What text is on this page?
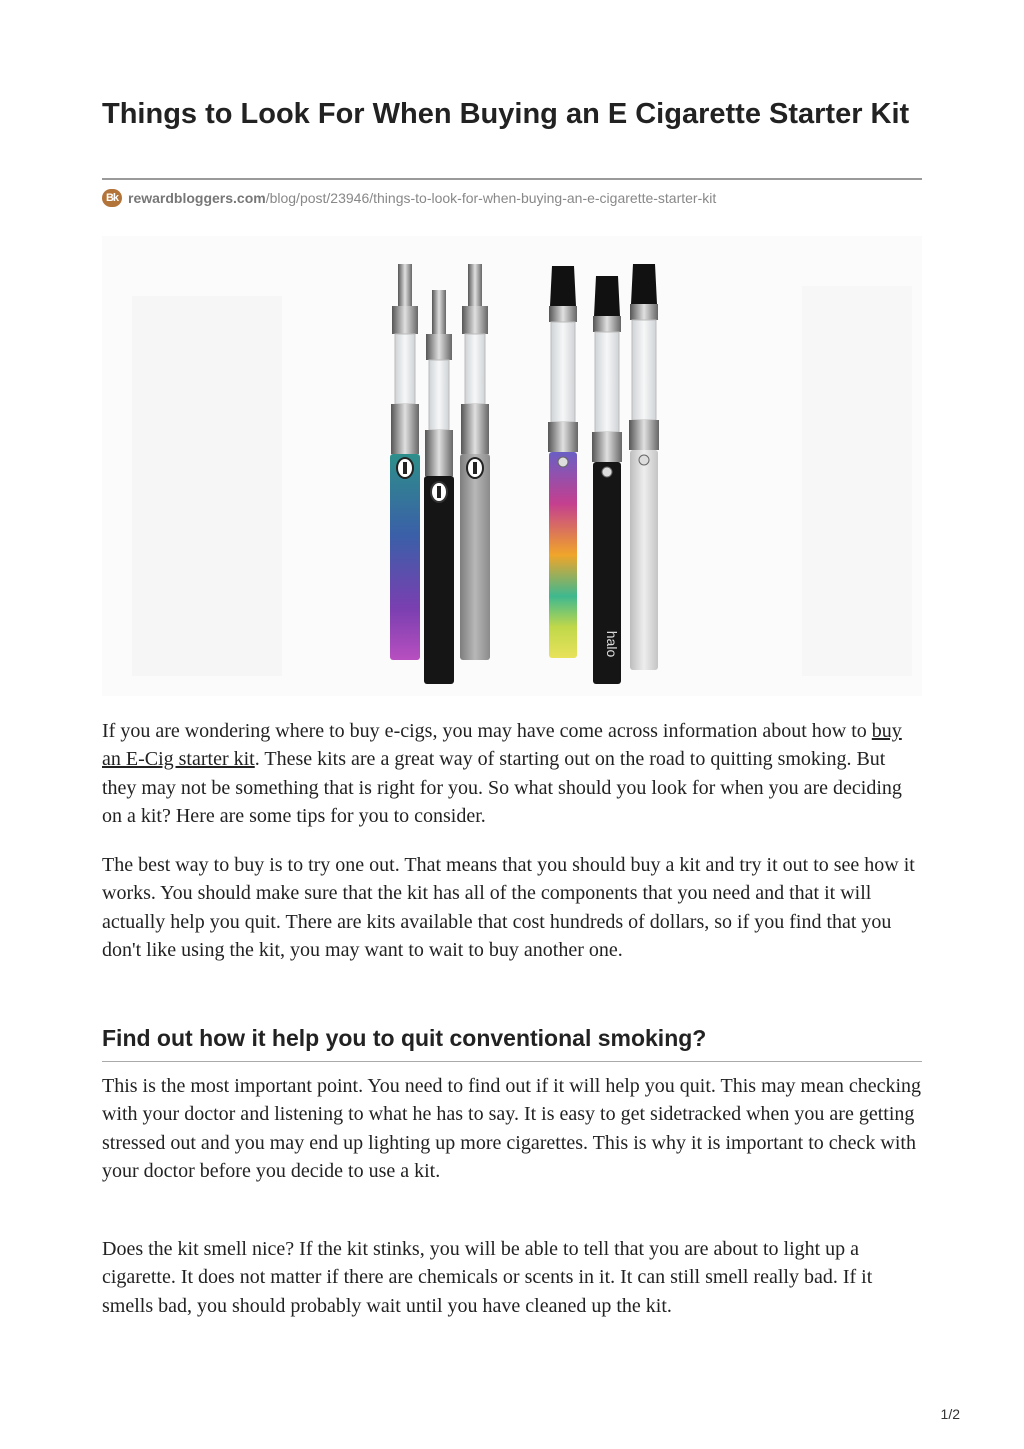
Things to Look For When Buying an E Cigarette Starter Kit
Bk rewardbloggers.com /blog/post/23946/things-to-look-for-when-buying-an-e-cigarette-starter-kit
halo

If you are wondering where to buy e-cigs, you may have come across information about how to buy an E-Cig starter kit. These kits are a great way of starting out on the road to quitting smoking. But they may not be something that is right for you. So what should you look for when you are deciding on a kit? Here are some tips for you to consider.

The best way to buy is to try one out. That means that you should buy a kit and try it out to see how it works. You should make sure that the kit has all of the components that you need and that it will actually help you quit. There are kits available that cost hundreds of dollars, so if you find that you don't like using the kit, you may want to wait to buy another one.

Find out how it help you to quit conventional smoking?

This is the most important point. You need to find out if it will help you quit. This may mean checking with your doctor and listening to what he has to say. It is easy to get sidetracked when you are getting stressed out and you may end up lighting up more cigarettes. This is why it is important to check with your doctor before you decide to use a kit.

Does the kit smell nice? If the kit stinks, you will be able to tell that you are about to light up a cigarette. It does not matter if there are chemicals or scents in it. It can still smell really bad. If it smells bad, you should probably wait until you have cleaned up the kit.

1/2
